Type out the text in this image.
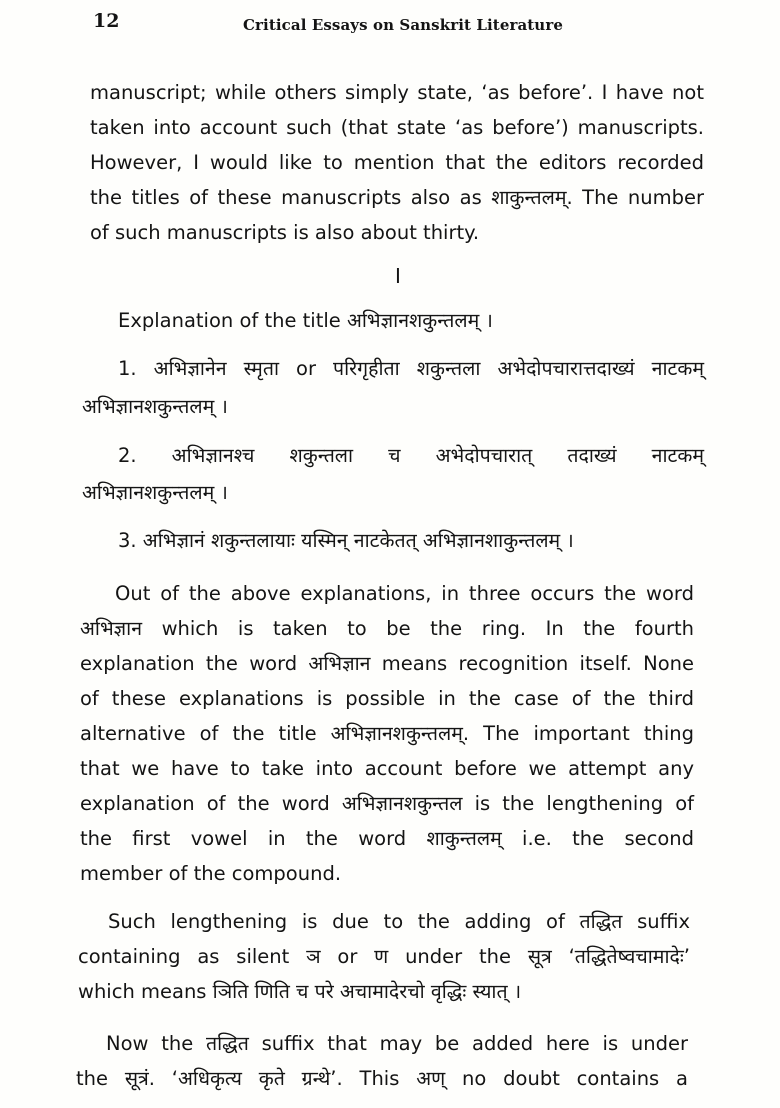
12	Critical Essays on Sanskrit Literature
manuscript; while others simply state, ‘as before’. I have not
taken into account such (that state ‘as before’) manuscripts.
However, I would like to mention that the editors recorded
the titles of these manuscripts also as शाकुन्तलम्. The number
of such manuscripts is also about thirty.
I
Explanation of the title अभिज्ञानशकुन्तलम् ।
1. अभिज्ञानेन स्मृता or परिगृहीता शकुन्तला अभेदोपचारात्तदाख्यं नाटकम्
अभिज्ञानशकुन्तलम् ।
2. अभिज्ञानश्च शकुन्तला च अभेदोपचारात् तदाख्यं नाटकम्
अभिज्ञानशकुन्तलम् ।
3. अभिज्ञानं शकुन्तलायाः यस्मिन् नाटकेतत् अभिज्ञानशाकुन्तलम् ।
Out of the above explanations, in three occurs the word
अभिज्ञान which is taken to be the ring. In the fourth
explanation the word अभिज्ञान means recognition itself. None
of these explanations is possible in the case of the third
alternative of the title अभिज्ञानशकुन्तलम्. The important thing
that we have to take into account before we attempt any
explanation of the word अभिज्ञानशकुन्तल is the lengthening of
the first vowel in the word शाकुन्तलम् i.e. the second
member of the compound.
Such lengthening is due to the adding of तद्धित suffix
containing as silent ञ or ण under the सूत्र ‘तद्धितेष्वचामादेः’
which means ञिति णिति च परे अचामादेरचो वृद्धिः स्यात् ।
Now the तद्धित suffix that may be added here is under
the सूत्रं. ‘अधिकृत्य कृते ग्रन्थे’. This अण् no doubt contains a
